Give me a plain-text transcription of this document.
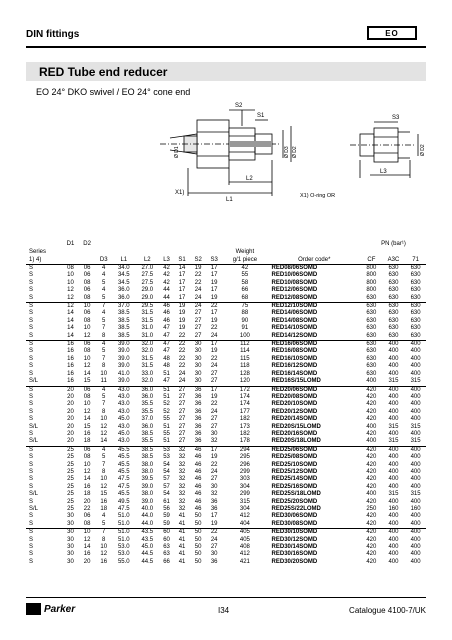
DIN fittings	EO
RED Tube end reducer
EO 24° DKO swivel / EO 24° cone end
S2
S1	S3
Ø D1	Ø D3 Ø D2	Ø D2
X1)
L2
L1
L3
X1) O-ring OR
	D1	D2										PN (bar¹)		
Series										Weight				
1) 4)			D3	L1	L2	L3	S1	S2	S3	g/1 piece	Order code*	CF	A3C	71
S	08	06	4	34.0	27.0	42	14	19	17	42	RED08/06SOMD	800	630	630
S	10	06	4	34.5	27.5	42	17	22	17	55	RED10/06SOMD	800	630	630
S	10	08	5	34.5	27.5	42	17	22	19	58	RED10/08SOMD	800	630	630
S	12	06	4	36.0	29.0	44	17	24	17	66	RED12/06SOMD	800	630	630
S	12	08	5	36.0	29.0	44	17	24	19	68	RED12/08SOMD	630	630	630
S	12	10	7	37.0	29.5	46	19	24	22	75	RED12/10SOMD	630	630	630
S	14	06	4	38.5	31.5	46	19	27	17	88	RED14/06SOMD	630	630	630
S	14	08	5	38.5	31.5	46	19	27	19	90	RED14/08SOMD	630	630	630
S	14	10	7	38.5	31.0	47	19	27	22	91	RED14/10SOMD	630	630	630
S	14	12	8	38.5	31.0	47	22	27	24	100	RED14/12SOMD	630	630	630
S	16	06	4	39.0	32.0	47	22	30	17	112	RED16/06SOMD	630	400	400
S	16	08	5	39.0	32.0	47	22	30	19	114	RED16/08SOMD	630	400	400
S	16	10	7	39.0	31.5	48	22	30	22	115	RED16/10SOMD	630	400	400
S	16	12	8	39.0	31.5	48	22	30	24	118	RED16/12SOMD	630	400	400
S	16	14	10	41.0	33.0	51	24	30	27	128	RED16/14SOMD	630	400	400
S/L	16	15	11	39.0	32.0	47	24	30	27	120	RED16S/15LOMD	400	315	315
S	20	06	4	43.0	36.0	51	27	36	17	172	RED20/06SOMD	420	400	400
S	20	08	5	43.0	36.0	51	27	36	19	174	RED20/08SOMD	420	400	400
S	20	10	7	43.0	35.5	52	27	36	22	174	RED20/10SOMD	420	400	400
S	20	12	8	43.0	35.5	52	27	36	24	177	RED20/12SOMD	420	400	400
S	20	14	10	45.0	37.0	55	27	36	27	182	RED20/14SOMD	420	400	400
S/L	20	15	12	43.0	36.0	51	27	36	27	173	RED20S/15LOMD	400	315	315
S	20	16	12	45.0	38.5	55	27	36	30	182	RED20/16SOMD	420	400	400
S/L	20	18	14	43.0	35.5	51	27	36	32	178	RED20S/18LOMD	400	315	315
S	25	06	4	45.5	38.5	53	32	46	17	294	RED25/06SOMD	420	400	400
S	25	08	5	45.5	38.5	53	32	46	19	295	RED25/08SOMD	420	400	400
S	25	10	7	45.5	38.0	54	32	46	22	296	RED25/10SOMD	420	400	400
S	25	12	8	45.5	38.0	54	32	46	24	299	RED25/12SOMD	420	400	400
S	25	14	10	47.5	39.5	57	32	46	27	303	RED25/14SOMD	420	400	400
S	25	16	12	47.5	39.0	57	32	46	30	304	RED25/16SOMD	420	400	400
S/L	25	18	15	45.5	38.0	54	32	46	32	299	RED25S/18LOMD	400	315	315
S	25	20	16	49.5	39.0	61	32	46	36	315	RED25/20SOMD	420	400	400
S/L	25	22	18	47.5	40.0	56	32	46	36	304	RED25S/22LOMD	250	160	160
S	30	06	4	51.0	44.0	59	41	50	17	412	RED30/06SOMD	420	400	400
S	30	08	5	51.0	44.0	59	41	50	19	404	RED30/08SOMD	420	400	400
S	30	10	7	51.0	43.5	60	41	50	22	405	RED30/10SOMD	420	400	400
S	30	12	8	51.0	43.5	60	41	50	24	405	RED30/12SOMD	420	400	400
S	30	14	10	53.0	45.0	63	41	50	27	408	RED30/14SOMD	420	400	400
S	30	16	12	53.0	44.5	63	41	50	30	412	RED30/16SOMD	420	400	400
S	30	20	16	55.0	44.5	66	41	50	36	421	RED30/20SOMD	420	400	400
Parker	I34	Catalogue 4100-7/UK
